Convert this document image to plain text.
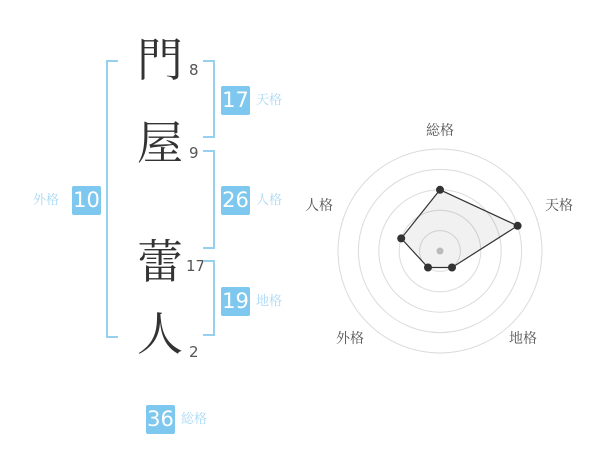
門
屋
蕾
人
8
9
17
2
17 天格
26 人格
19 地格
外格 10
36 総格
総格
天格
地格
外格
人格
